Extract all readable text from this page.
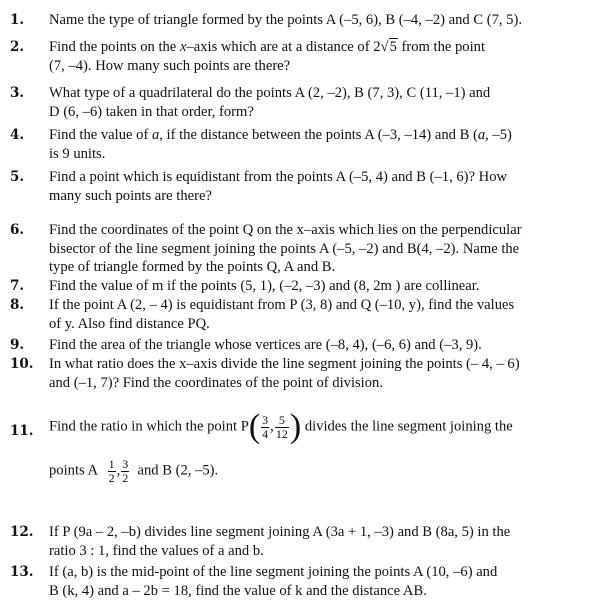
1.	Name the type of triangle formed by the points A (–5, 6), B (–4, –2) and C (7, 5).
2.	Find the points on the x–axis which are at a distance of 2√5 from the point
(7, –4). How many such points are there?
3.	What type of a quadrilateral do the points A (2, –2), B (7, 3), C (11, –1) and
D (6, –6) taken in that order, form?
4.	Find the value of a, if the distance between the points A (–3, –14) and B (a, –5)
is 9 units.
5.	Find a point which is equidistant from the points A (–5, 4) and B (–1, 6)? How
many such points are there?
6.	Find the coordinates of the point Q on the x–axis which lies on the perpendicular
bisector of the line segment joining the points A (–5, –2) and B(4, –2). Name the
type of triangle formed by the points Q, A and B.
7.	Find the value of m if the points (5, 1), (–2, –3) and (8, 2m ) are collinear.
8.	If the point A (2, – 4) is equidistant from P (3, 8) and Q (–10, y), find the values
of y. Also find distance PQ.
9.	Find the area of the triangle whose vertices are (–8, 4), (–6, 6) and (–3, 9).
10.	In what ratio does the x–axis divide the line segment joining the points (– 4, – 6)
and (–1, 7)? Find the coordinates of the point of division.
11.	Find the ratio in which the point $P( \frac{3}{4}$ , $\frac{5}{12}$ ) divides the line segment joining the
points A $\frac{1}{2}$ , $\frac{3}{2}$ and B (2, –5).
12.	If P (9a – 2, –b) divides line segment joining A (3a + 1, –3) and B (8a, 5) in the
ratio 3 : 1, find the values of a and b.
13.	If (a, b) is the mid-point of the line segment joining the points A (10, –6) and
B (k, 4) and a – 2b = 18, find the value of k and the distance AB.
